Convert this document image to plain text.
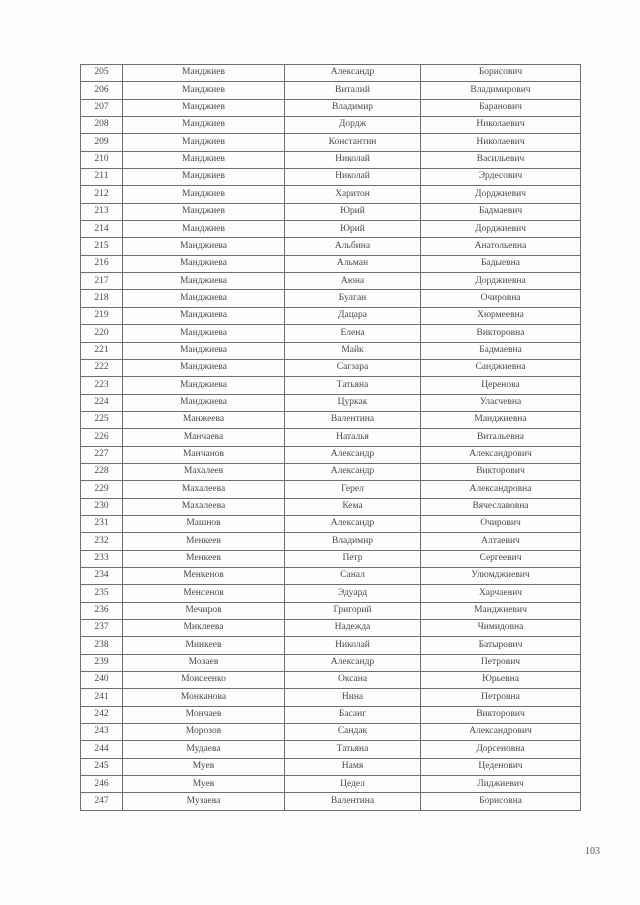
205	Манджиев	Александр	Борисович
206	Манджиев	Виталий	Владимирович
207	Манджиев	Владимир	Баранович
208	Манджиев	Дордж	Николаевич
209	Манджиев	Константин	Николаевич
210	Манджиев	Николай	Васильевич
211	Манджиев	Николай	Эрдесович
212	Манджиев	Харитон	Дорджиевич
213	Манджиев	Юрий	Бадмаевич
214	Манджиев	Юрий	Дорджиевич
215	Манджиева	Альбина	Анатольевна
216	Манджиева	Альман	Бадыевна
217	Манджиева	Аюна	Дорджиевна
218	Манджиева	Булган	Очировна
219	Манджиева	Дацара	Хюрмеевна
220	Манджиева	Елена	Викторовна
221	Манджиева	Майк	Бадмаевна
222	Манджиева	Сагзара	Санджиевна
223	Манджиева	Татьяна	Церенова
224	Манджиева	Цуркак	Уласчевна
225	Манжеева	Валентина	Манджиевна
226	Манчаева	Наталья	Витальевна
227	Манчанов	Александр	Александрович
228	Махалеев	Александр	Викторович
229	Махалеева	Герел	Александровна
230	Махалеева	Кема	Вячеславовна
231	Машнов	Александр	Очирович
232	Менкеев	Владимир	Алтаевич
233	Менкеев	Петр	Сергеевич
234	Менкенов	Санал	Улюмджиевич
235	Менсенов	Эдуард	Харчаевич
236	Мечиров	Григорий	Манджиевич
237	Миклеева	Надежда	Чимидовна
238	Минкеев	Николай	Батырович
239	Мозаев	Александр	Петрович
240	Моисеенко	Оксана	Юрьевна
241	Монканова	Нина	Петровна
242	Мончаев	Басанг	Викторович
243	Морозов	Сандак	Александрович
244	Мудаева	Татьяна	Дорсеновна
245	Муев	Намя	Цеденович
246	Муев	Цедел	Лиджиевич
247	Музаева	Валентина	Борисовна
103
